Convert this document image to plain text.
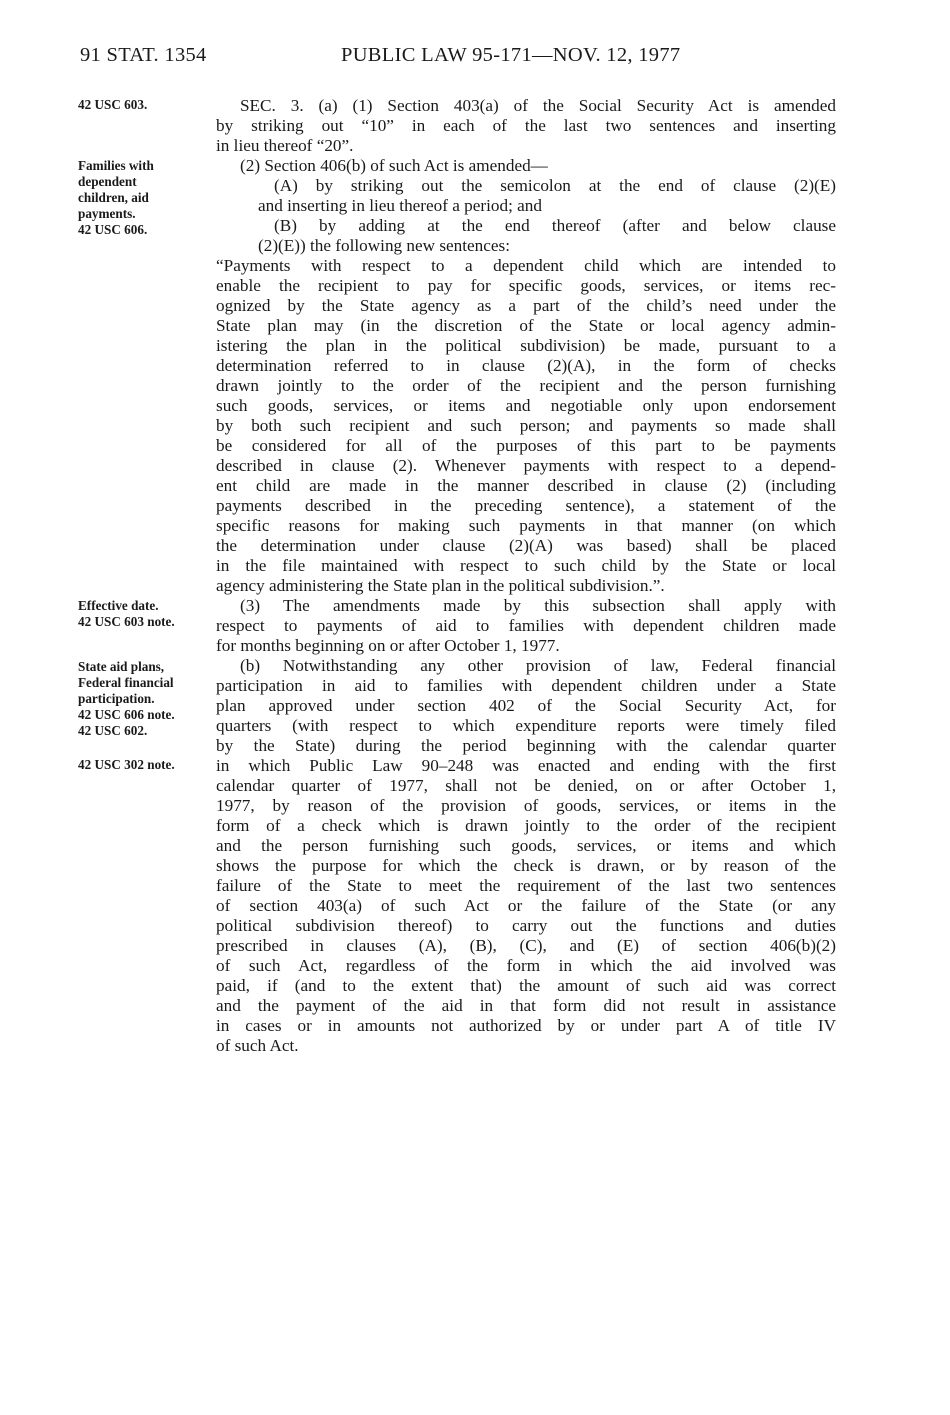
91 STAT. 1354	PUBLIC LAW 95-171—NOV. 12, 1977
42 USC 603.
Families with
dependent
children, aid
payments.
42 USC 606.
Effective date.
42 USC 603 note.
State aid plans,
Federal financial
participation.
42 USC 606 note.
42 USC 602.
42 USC 302 note.
SEC. 3. (a) (1) Section 403(a) of the Social Security Act is amended
by striking out “10” in each of the last two sentences and inserting
in lieu thereof “20”.
(2) Section 406(b) of such Act is amended—
(A) by striking out the semicolon at the end of clause (2)(E)
and inserting in lieu thereof a period; and
(B) by adding at the end thereof (after and below clause
(2)(E)) the following new sentences:
“Payments with respect to a dependent child which are intended to
enable the recipient to pay for specific goods, services, or items rec-
ognized by the State agency as a part of the child’s need under the
State plan may (in the discretion of the State or local agency admin-
istering the plan in the political subdivision) be made, pursuant to a
determination referred to in clause (2)(A), in the form of checks
drawn jointly to the order of the recipient and the person furnishing
such goods, services, or items and negotiable only upon endorsement
by both such recipient and such person; and payments so made shall
be considered for all of the purposes of this part to be payments
described in clause (2). Whenever payments with respect to a depend-
ent child are made in the manner described in clause (2) (including
payments described in the preceding sentence), a statement of the
specific reasons for making such payments in that manner (on which
the determination under clause (2)(A) was based) shall be placed
in the file maintained with respect to such child by the State or local
agency administering the State plan in the political subdivision.”.
(3) The amendments made by this subsection shall apply with
respect to payments of aid to families with dependent children made
for months beginning on or after October 1, 1977.
(b) Notwithstanding any other provision of law, Federal financial
participation in aid to families with dependent children under a State
plan approved under section 402 of the Social Security Act, for
quarters (with respect to which expenditure reports were timely filed
by the State) during the period beginning with the calendar quarter
in which Public Law 90–248 was enacted and ending with the first
calendar quarter of 1977, shall not be denied, on or after October 1,
1977, by reason of the provision of goods, services, or items in the
form of a check which is drawn jointly to the order of the recipient
and the person furnishing such goods, services, or items and which
shows the purpose for which the check is drawn, or by reason of the
failure of the State to meet the requirement of the last two sentences
of section 403(a) of such Act or the failure of the State (or any
political subdivision thereof) to carry out the functions and duties
prescribed in clauses (A), (B), (C), and (E) of section 406(b)(2)
of such Act, regardless of the form in which the aid involved was
paid, if (and to the extent that) the amount of such aid was correct
and the payment of the aid in that form did not result in assistance
in cases or in amounts not authorized by or under part A of title IV
of such Act.
